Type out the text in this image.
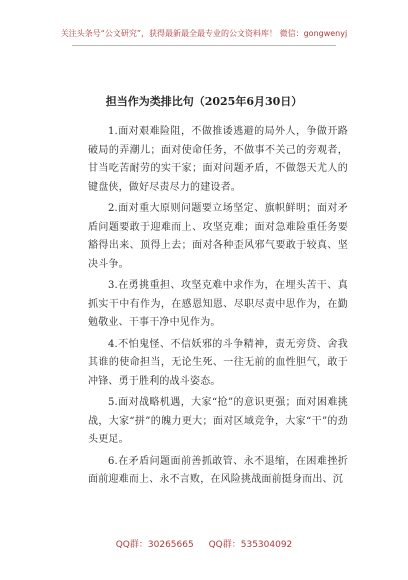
关注头条号“公文研究”，获得最新最全最专业的公文资料库！ 微信：gongwenyj
担当作为类排比句（2025年6月30日）

1.面对艰难险阻，不做推诿逃避的局外人，争做开路破局的弄潮儿；面对使命任务，不做事不关己的旁观者，甘当吃苦耐劳的实干家；面对问题矛盾，不做怨天尤人的键盘侠，做好尽责尽力的建设者。

2.面对重大原则问题要立场坚定、旗帜鲜明；面对矛盾问题要敢于迎难而上、攻坚克难；面对急难险重任务要豁得出来、顶得上去；面对各种歪风邪气要敢于较真、坚决斗争。

3.在勇挑重担、攻坚克难中求作为，在埋头苦干、真抓实干中有作为，在感恩知恩、尽职尽责中思作为，在勤勉敬业、干事干净中见作为。

4.不怕鬼怪、不信妖邪的斗争精神，责无旁贷、舍我其谁的使命担当，无论生死、一往无前的血性胆气，敢于冲锋、勇于胜利的战斗姿态。

5.面对战略机遇，大家“抢”的意识更强；面对困难挑战，大家“拼”的魄力更大；面对区域竞争，大家“干”的劲头更足。

6.在矛盾问题面前善抓敢管、永不退缩，在困难挫折面前迎难而上、永不言败，在风险挑战面前挺身而出、沉

QQ群：30265665 QQ群：535304092
